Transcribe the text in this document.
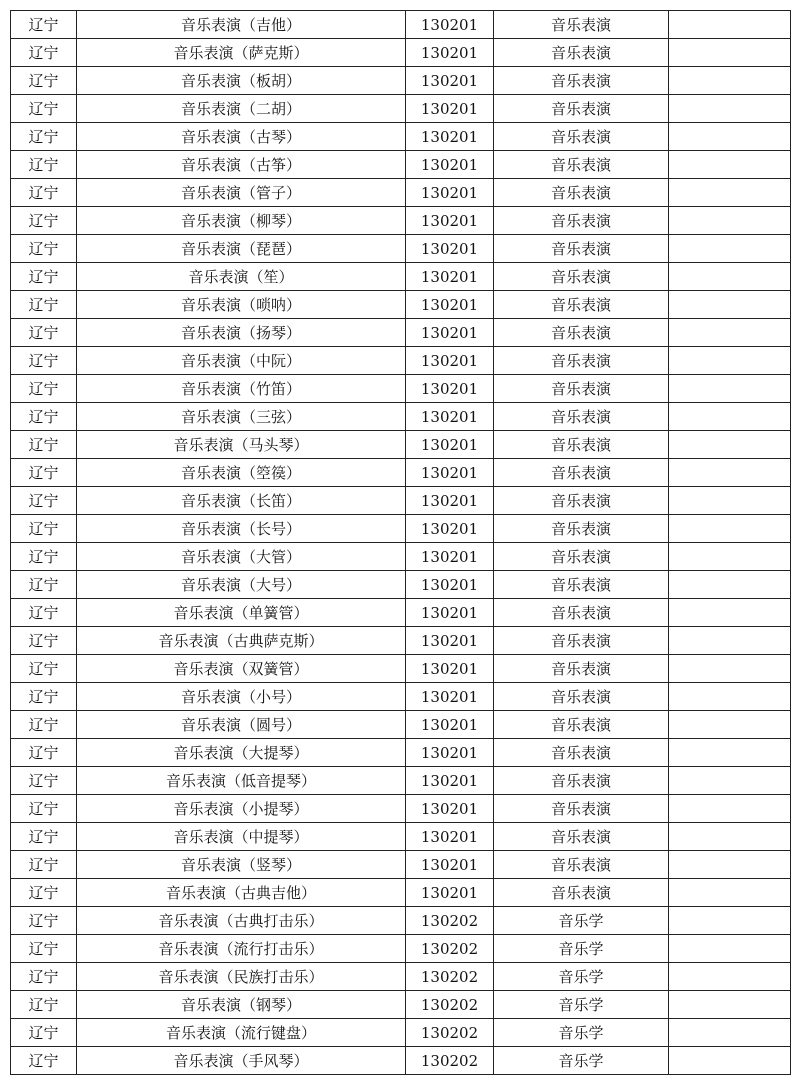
辽宁	音乐表演（吉他）	130201	音乐表演	
辽宁	音乐表演（萨克斯）	130201	音乐表演	
辽宁	音乐表演（板胡）	130201	音乐表演	
辽宁	音乐表演（二胡）	130201	音乐表演	
辽宁	音乐表演（古琴）	130201	音乐表演	
辽宁	音乐表演（古筝）	130201	音乐表演	
辽宁	音乐表演（管子）	130201	音乐表演	
辽宁	音乐表演（柳琴）	130201	音乐表演	
辽宁	音乐表演（琵琶）	130201	音乐表演	
辽宁	音乐表演（笙）	130201	音乐表演	
辽宁	音乐表演（唢呐）	130201	音乐表演	
辽宁	音乐表演（扬琴）	130201	音乐表演	
辽宁	音乐表演（中阮）	130201	音乐表演	
辽宁	音乐表演（竹笛）	130201	音乐表演	
辽宁	音乐表演（三弦）	130201	音乐表演	
辽宁	音乐表演（马头琴）	130201	音乐表演	
辽宁	音乐表演（箜篌）	130201	音乐表演	
辽宁	音乐表演（长笛）	130201	音乐表演	
辽宁	音乐表演（长号）	130201	音乐表演	
辽宁	音乐表演（大管）	130201	音乐表演	
辽宁	音乐表演（大号）	130201	音乐表演	
辽宁	音乐表演（单簧管）	130201	音乐表演	
辽宁	音乐表演（古典萨克斯）	130201	音乐表演	
辽宁	音乐表演（双簧管）	130201	音乐表演	
辽宁	音乐表演（小号）	130201	音乐表演	
辽宁	音乐表演（圆号）	130201	音乐表演	
辽宁	音乐表演（大提琴）	130201	音乐表演	
辽宁	音乐表演（低音提琴）	130201	音乐表演	
辽宁	音乐表演（小提琴）	130201	音乐表演	
辽宁	音乐表演（中提琴）	130201	音乐表演	
辽宁	音乐表演（竖琴）	130201	音乐表演	
辽宁	音乐表演（古典吉他）	130201	音乐表演	
辽宁	音乐表演（古典打击乐）	130202	音乐学	
辽宁	音乐表演（流行打击乐）	130202	音乐学	
辽宁	音乐表演（民族打击乐）	130202	音乐学	
辽宁	音乐表演（钢琴）	130202	音乐学	
辽宁	音乐表演（流行键盘）	130202	音乐学	
辽宁	音乐表演（手风琴）	130202	音乐学	
